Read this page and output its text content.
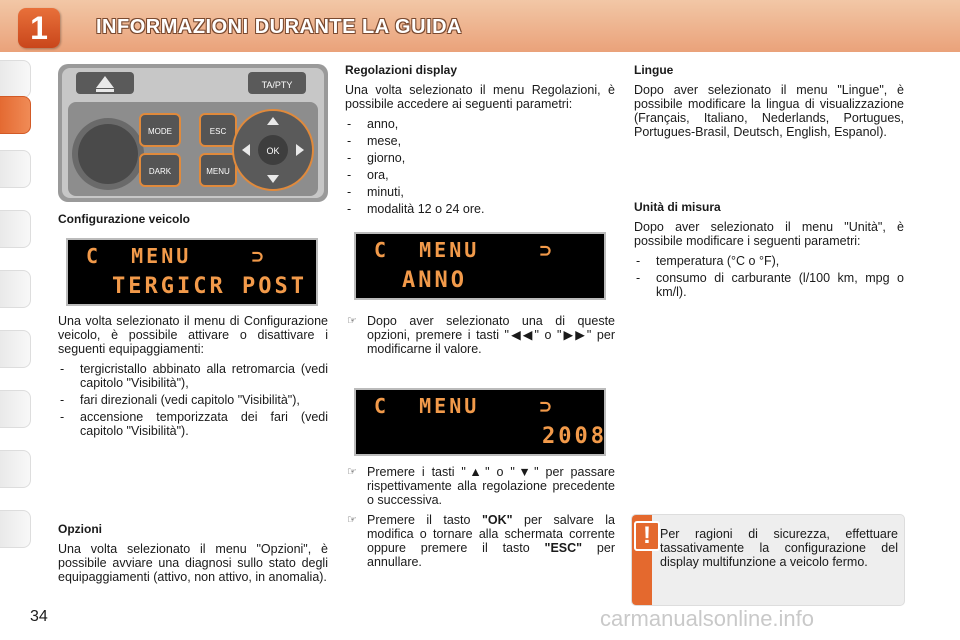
1	INFORMAZIONI DURANTE LA GUIDA
TA/PTY
MODE
DARK
ESC
MENU
OK
Configurazione veicolo
C  MENU    ⊃
TERGICR POST

Una volta selezionato il menu di Configurazione veicolo, è possibile attivare o disattivare i seguenti equipaggiamenti:

- tergicristallo abbinato alla retromarcia (vedi capitolo "Visibilità"),
- fari direzionali (vedi capitolo "Visibilità"),
- accensione temporizzata dei fari (vedi capitolo "Visibilità").
Opzioni

Una volta selezionato il menu "Opzioni", è possibile avviare una diagnosi sullo stato degli equipaggiamenti (attivo, non attivo, in anomalia).

Regolazioni display

Una volta selezionato il menu Regolazioni, è possibile accedere ai seguenti parametri:

- anno,
- mese,
- giorno,
- ora,
- minuti,
- modalità 12 o 24 ore.
C  MENU    ⊃
ANNO
☞ Dopo aver selezionato una di queste opzioni, premere i tasti "◀◀" o "▶▶" per modificarne il valore.
C  MENU    ⊃
2008
☞ Premere i tasti "▲" o "▼" per passare rispettivamente alla regolazione precedente o successiva.
☞ Premere il tasto "OK" per salvare la modifica o tornare alla schermata corrente oppure premere il tasto "ESC" per annullare.
Lingue

Dopo aver selezionato il menu "Lingue", è possibile modificare la lingua di visualizzazione (Français, Italiano, Nederlands, Portugues, Portugues-Brasil, Deutsch, English, Espanol).

Unità di misura

Dopo aver selezionato il menu "Unità", è possibile modificare i seguenti parametri:

- temperatura (°C o °F),
- consumo di carburante (l/100 km, mpg o km/l).
! Per ragioni di sicurezza, effettuare tassativamente la configurazione del display multifunzione a veicolo fermo.
34	carmanualsonline.info
